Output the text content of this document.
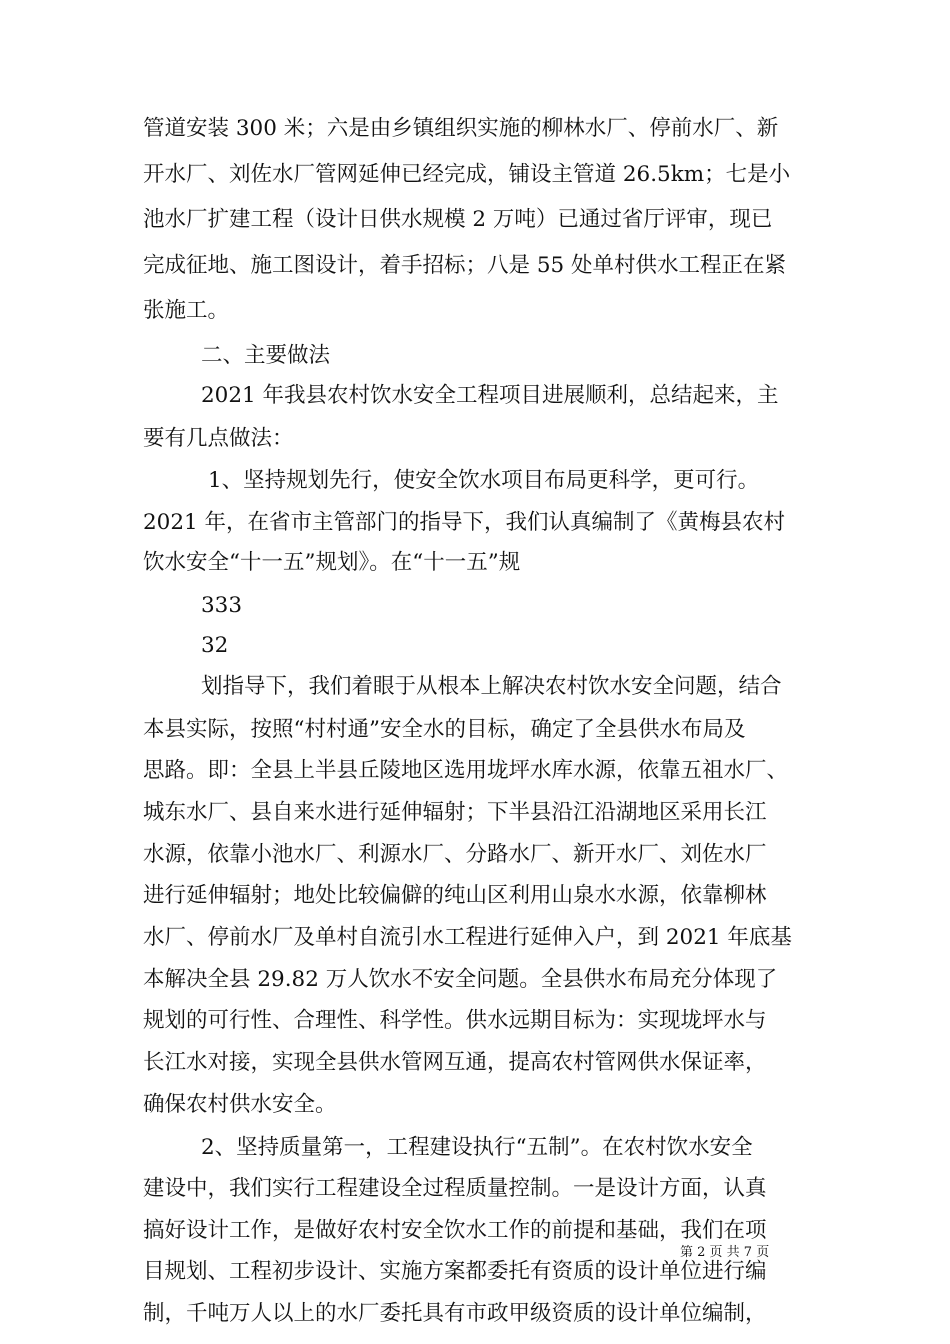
管道安装 300 米；六是由乡镇组织实施的柳林水厂、停前水厂、新

开水厂、刘佐水厂管网延伸已经完成，铺设主管道 26.5km；七是小

池水厂扩建工程（设计日供水规模 2 万吨）已通过省厅评审，现已

完成征地、施工图设计，着手招标；八是 55 处单村供水工程正在紧

张施工。

二、主要做法

2021 年我县农村饮水安全工程项目进展顺利，总结起来，主

要有几点做法：

1、坚持规划先行，使安全饮水项目布局更科学，更可行。

2021 年，在省市主管部门的指导下，我们认真编制了《黄梅县农村

饮水安全“十一五”规划》。在“十一五”规

333

32

划指导下，我们着眼于从根本上解决农村饮水安全问题，结合

本县实际，按照“村村通”安全水的目标，确定了全县供水布局及

思路。即：全县上半县丘陵地区选用垅坪水库水源，依靠五祖水厂、

城东水厂、县自来水进行延伸辐射；下半县沿江沿湖地区采用长江

水源，依靠小池水厂、利源水厂、分路水厂、新开水厂、刘佐水厂

进行延伸辐射；地处比较偏僻的纯山区利用山泉水水源，依靠柳林

水厂、停前水厂及单村自流引水工程进行延伸入户，到 2021 年底基

本解决全县 29.82 万人饮水不安全问题。全县供水布局充分体现了

规划的可行性、合理性、科学性。供水远期目标为：实现垅坪水与

长江水对接，实现全县供水管网互通，提高农村管网供水保证率，

确保农村供水安全。

2、坚持质量第一，工程建设执行“五制”。在农村饮水安全

建设中，我们实行工程建设全过程质量控制。一是设计方面，认真

搞好设计工作，是做好农村安全饮水工作的前提和基础，我们在项

目规划、工程初步设计、实施方案都委托有资质的设计单位进行编

制，千吨万人以上的水厂委托具有市政甲级资质的设计单位编制，

第 2 页 共 7 页
